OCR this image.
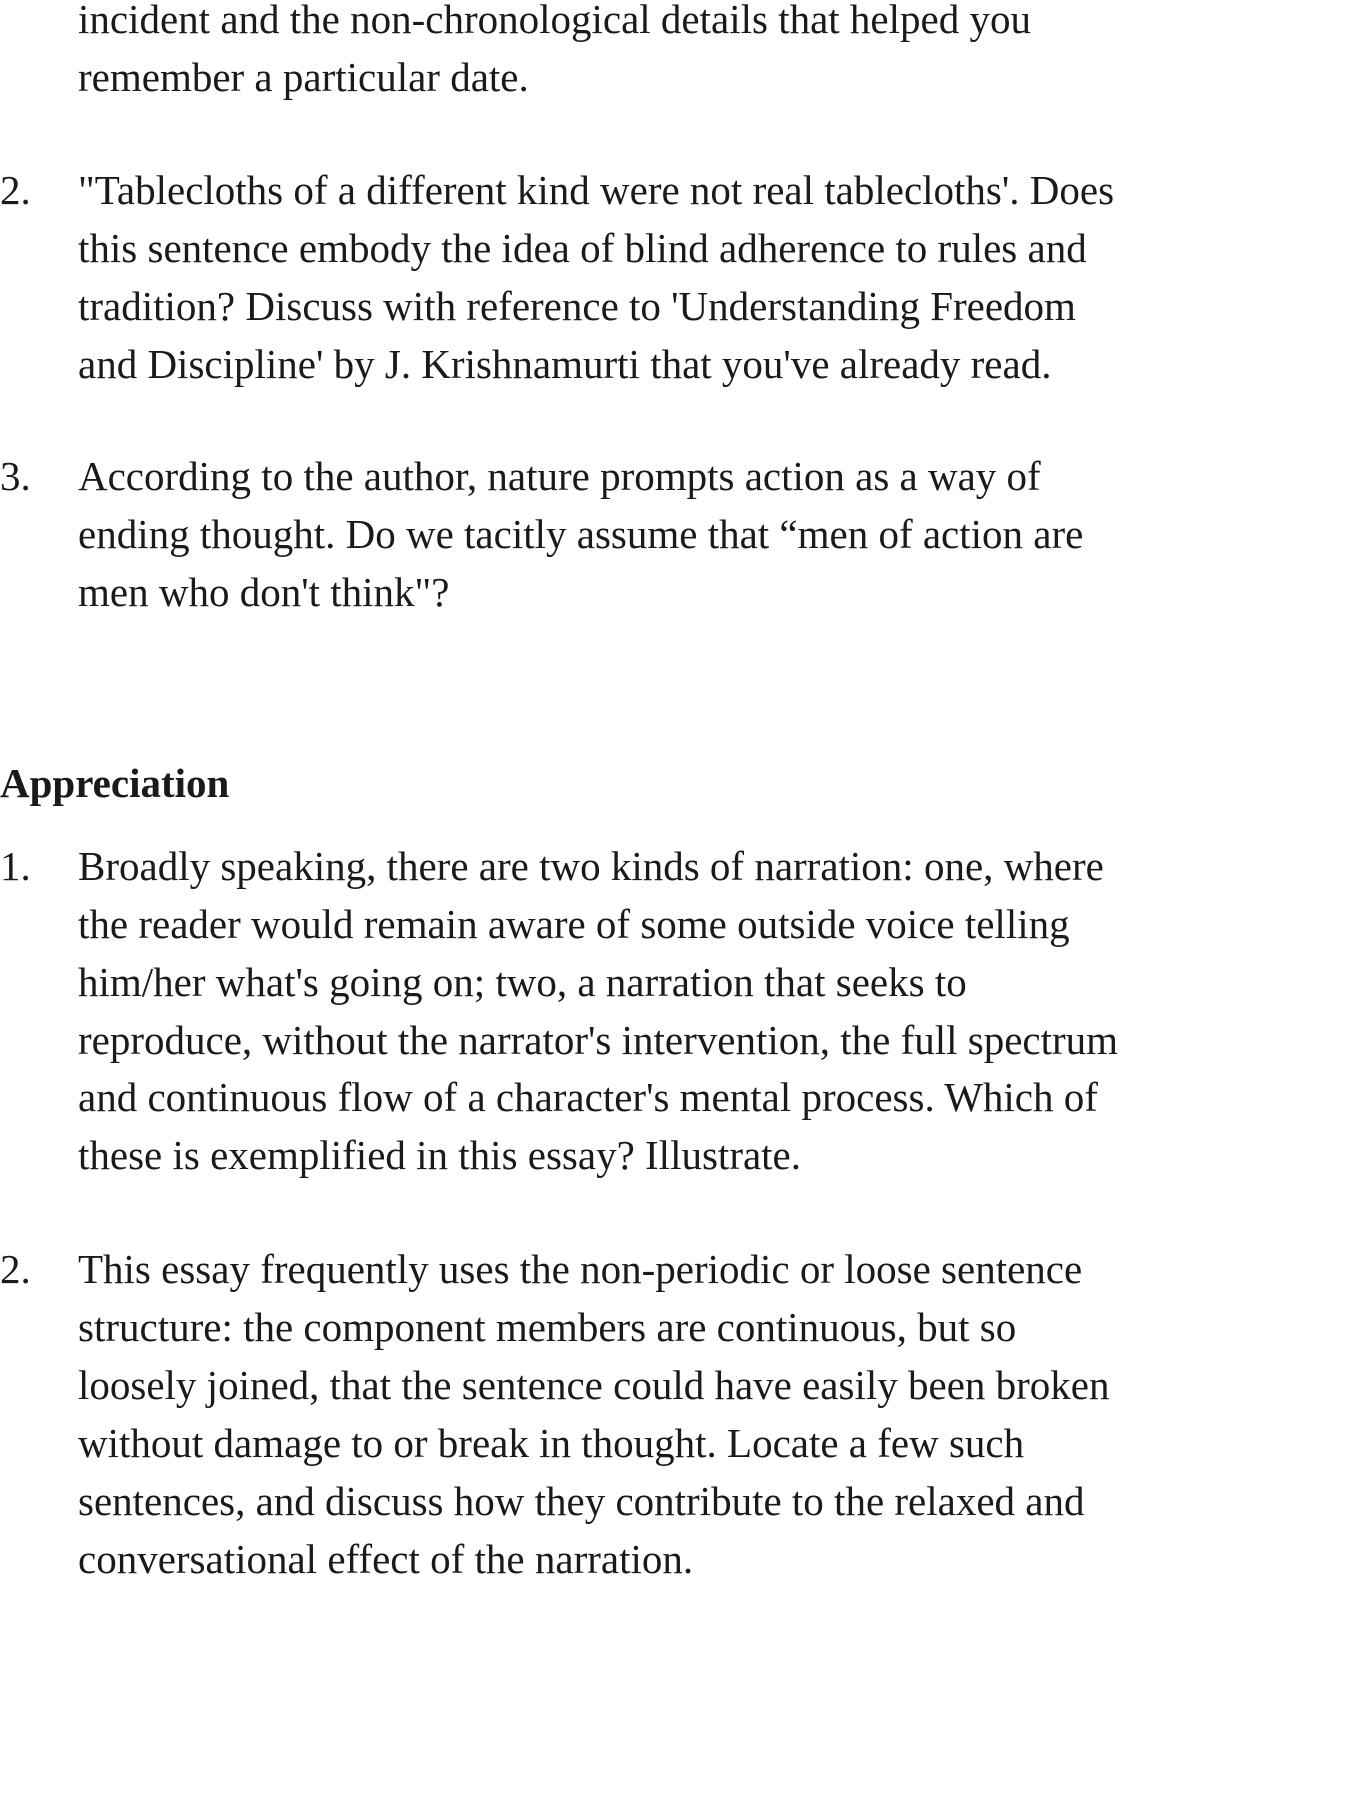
incident and the non-chronological details that helped you
remember a particular date.
2. "Tablecloths of a different kind were not real tablecloths'. Does
this sentence embody the idea of blind adherence to rules and
tradition? Discuss with reference to 'Understanding Freedom
and Discipline' by J. Krishnamurti that you've already read.
3. According to the author, nature prompts action as a way of
ending thought. Do we tacitly assume that “men of action are
men who don't think"?
Appreciation
1. Broadly speaking, there are two kinds of narration: one, where
the reader would remain aware of some outside voice telling
him/her what's going on; two, a narration that seeks to
reproduce, without the narrator's intervention, the full spectrum
and continuous flow of a character's mental process. Which of
these is exemplified in this essay? Illustrate.
2. This essay frequently uses the non-periodic or loose sentence
structure: the component members are continuous, but so
loosely joined, that the sentence could have easily been broken
without damage to or break in thought. Locate a few such
sentences, and discuss how they contribute to the relaxed and
conversational effect of the narration.
